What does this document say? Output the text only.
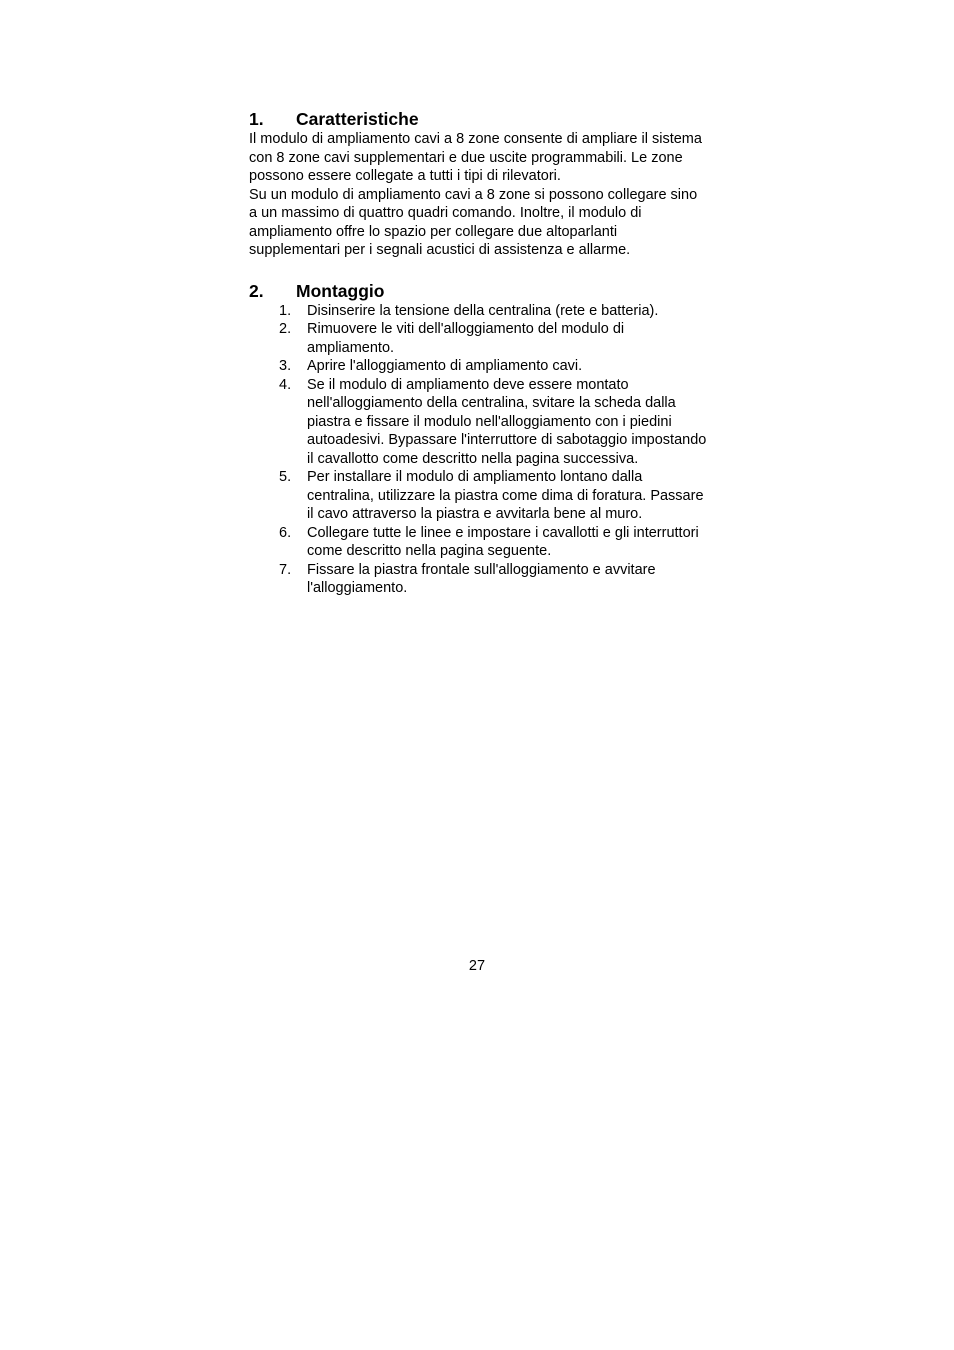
1.	Caratteristiche

Il modulo di ampliamento cavi a 8 zone consente di ampliare il sistema con 8 zone cavi supplementari e due uscite programmabili. Le zone possono essere collegate a tutti i tipi di rilevatori.

Su un modulo di ampliamento cavi a 8 zone si possono collegare sino a un massimo di quattro quadri comando. Inoltre, il modulo di ampliamento offre lo spazio per collegare due altoparlanti supplementari per i segnali acustici di assistenza e allarme.

2.	Montaggio
1.	Disinserire la tensione della centralina (rete e batteria).
2.	Rimuovere le viti dell'alloggiamento del modulo di ampliamento.
3.	Aprire l'alloggiamento di ampliamento cavi.
4.	Se il modulo di ampliamento deve essere montato nell'alloggiamento della centralina, svitare la scheda dalla piastra e fissare il modulo nell'alloggiamento con i piedini autoadesivi. Bypassare l'interruttore di sabotaggio impostando il cavallotto come descritto nella pagina successiva.
5.	Per installare il modulo di ampliamento lontano dalla centralina, utilizzare la piastra come dima di foratura. Passare il cavo attraverso la piastra e avvitarla bene al muro.
6.	Collegare tutte le linee e impostare i cavallotti e gli interruttori come descritto nella pagina seguente.
7.	Fissare la piastra frontale sull'alloggiamento e avvitare l'alloggiamento.
27
